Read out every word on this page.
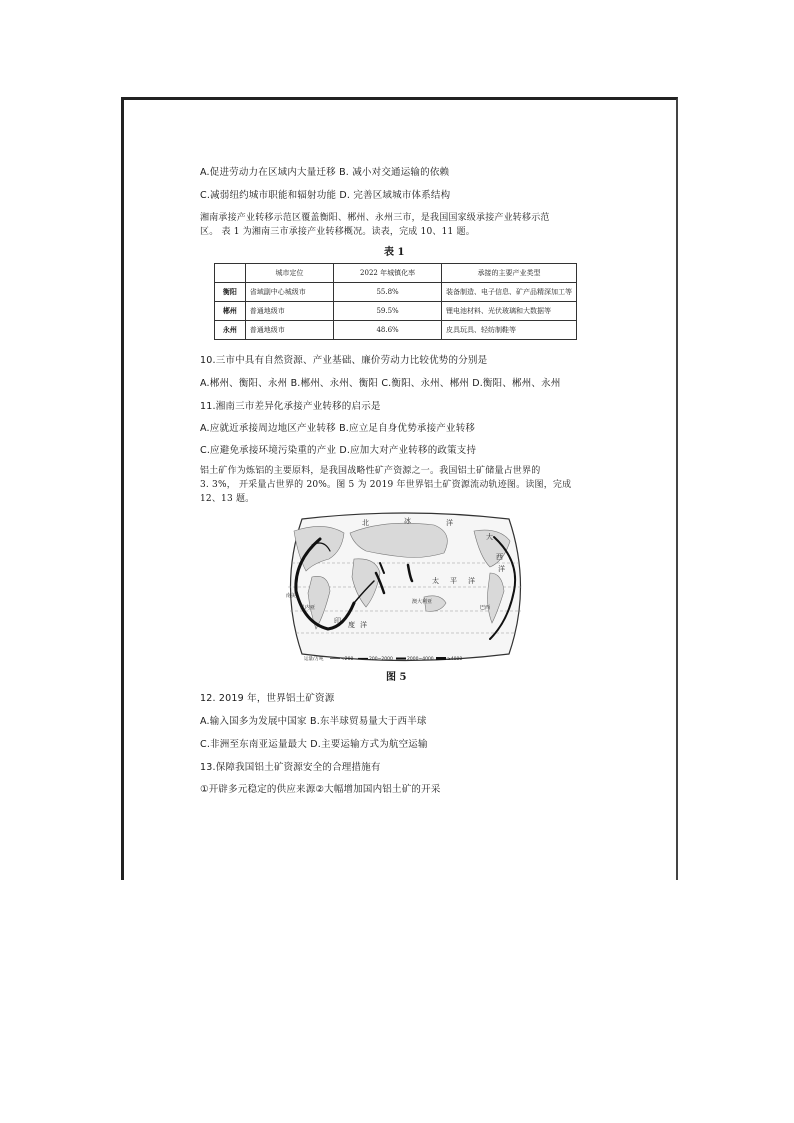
A.促进劳动力在区域内大量迁移 B. 减小对交通运输的依赖
C.减弱纽约城市职能和辐射功能 D. 完善区域城市体系结构
湘南承接产业转移示范区覆盖衡阳、郴州、永州三市，是我国国家级承接产业转移示范
区。 表 1 为湘南三市承接产业转移概况。读表，完成 10、11 题。
表 1
	城市定位	2022 年城镇化率	承接的主要产业类型
衡阳	省域副中心城级市	55.8%	装备制造、电子信息、矿产品精深加工等
郴州	普通地级市	59.5%	锂电池材料、光伏玻璃和大数据等
永州	普通地级市	48.6%	皮具玩具、轻纺制鞋等
10.三市中具有自然资源、产业基础、廉价劳动力比较优势的分别是
A.郴州、衡阳、永州 B.郴州、永州、衡阳 C.衡阳、永州、郴州 D.衡阳、郴州、永州
11.湘南三市差异化承接产业转移的启示是
A.应就近承接周边地区产业转移 B.应立足自身优势承接产业转移
C.应避免承接环境污染重的产业 D.应加大对产业转移的政策支持
铝土矿作为炼铝的主要原料，是我国战略性矿产资源之一。我国铝土矿储量占世界的
3. 3%， 开采量占世界的 20%。图 5 为 2019 年世界铝土矿资源流动轨迹图。读图，完成
12、13 题。
北	冰	洋
太 平 洋
印 度 洋
大
西
洋
澳大利亚
南美
几内亚	巴西
运量/万吨	<200	200~2000	2000~4000	≥4000
图 5
12. 2019 年，世界铝土矿资源
A.输入国多为发展中国家 B.东半球贸易量大于西半球
C.非洲至东南亚运量最大 D.主要运输方式为航空运输
13.保障我国铝土矿资源安全的合理措施有
①开辟多元稳定的供应来源②大幅增加国内铝土矿的开采
